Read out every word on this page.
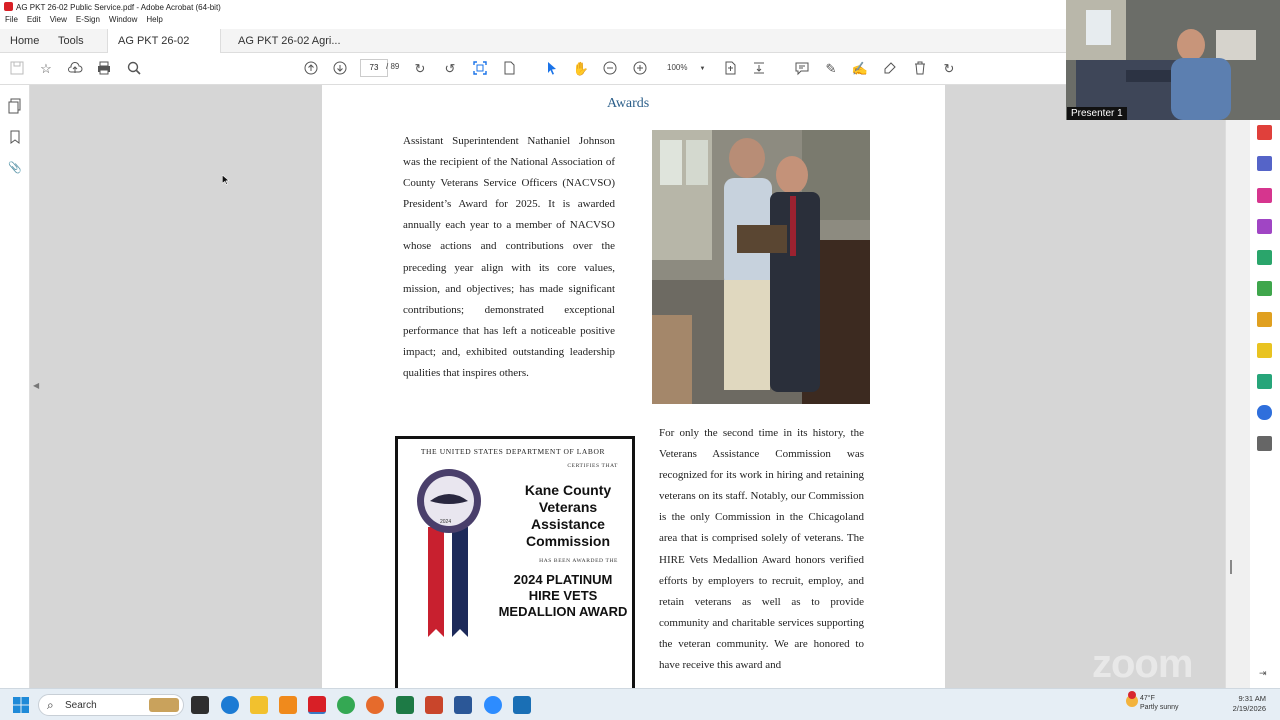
AG PKT 26-02 Public Service.pdf - Adobe Acrobat (64-bit)
File Edit View E-Sign Window Help
Home	Tools	AG PKT 26-02	AG PKT 26-02 Agri...
☆	↻ ↺	✋	✎ ✍	↻
73 / 89	100% ▼
📎
◀
⇥
Awards
Assistant Superintendent Nathaniel Johnson was the recipient of the National Association of County Veterans Service Officers (NACVSO) President’s Award for 2025. It is awarded annually each year to a member of NACVSO whose actions and contributions over the preceding year align with its core values, mission, and objectives; has made significant contributions; demonstrated exceptional performance that has left a noticeable positive impact; and, exhibited outstanding leadership qualities that inspires others.
THE UNITED STATES DEPARTMENT OF LABOR
CERTIFIES THAT
2024
Kane County Veterans Assistance Commission
HAS BEEN AWARDED THE
2024 PLATINUM HIRE VETS MEDALLION AWARD
For only the second time in its history, the Veterans Assistance Commission was recognized for its work in hiring and retaining veterans on its staff. Notably, our Commission is the only Commission in the Chicagoland area that is comprised solely of veterans. The HIRE Vets Medallion Award honors verified efforts by employers to recruit, employ, and retain veterans as well as to provide community and charitable services supporting the veteran community. We are honored to have receive this award and
Presenter 1
zoom
⌕ Search
47°F
Partly sunny
9:31 AM
2/19/2026
